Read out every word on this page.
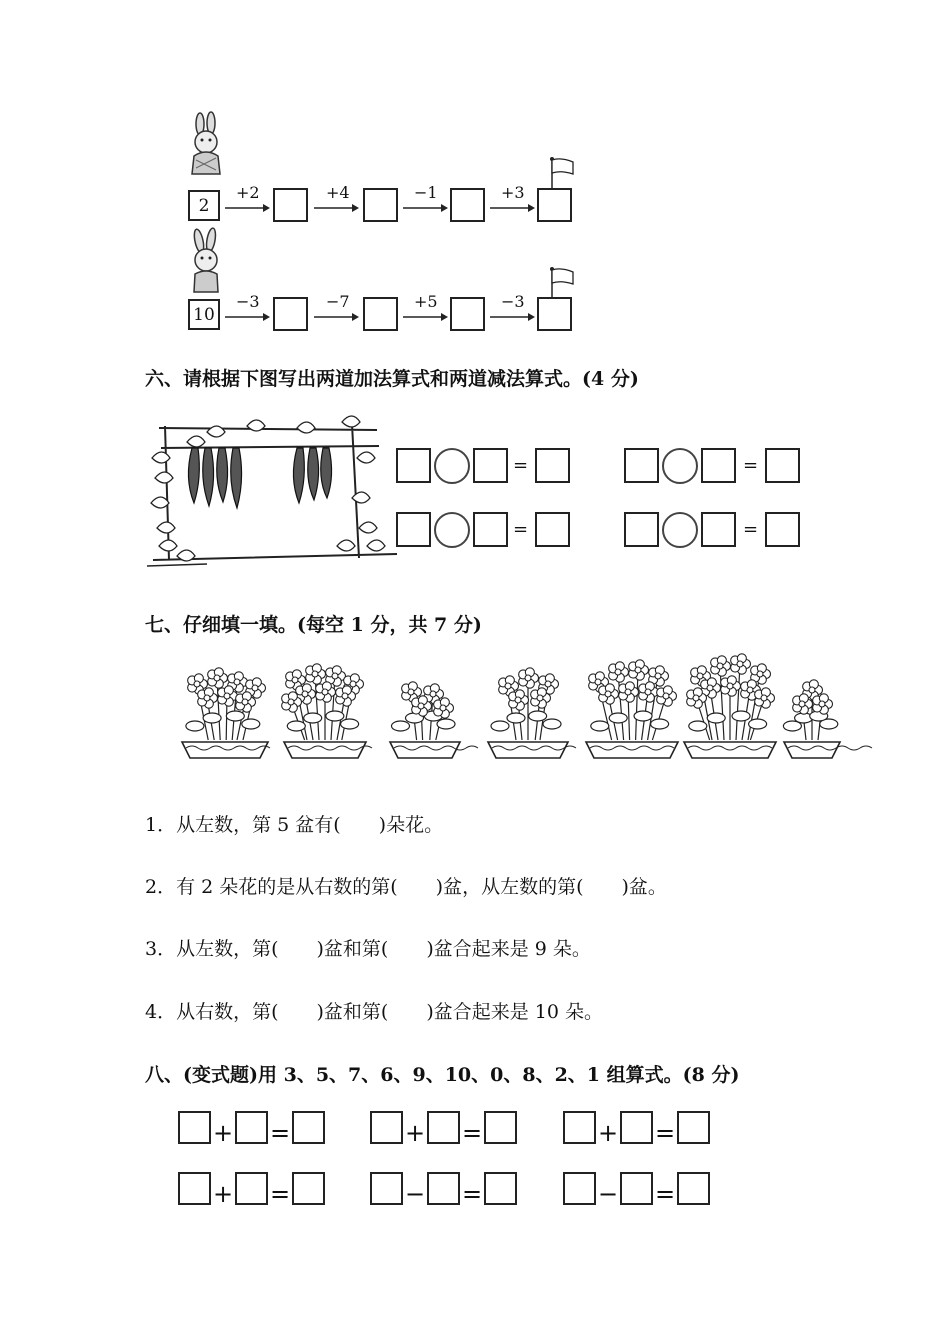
2
+2	+4	−1	+3
10
−3	−7	+5	−3
六、请根据下图写出两道加法算式和两道减法算式。(4 分)
=	=
=	=
七、仔细填一填。(每空 1 分，共 7 分)
1．从左数，第 5 盆有(　　)朵花。
2．有 2 朵花的是从右数的第(　　)盆，从左数的第(　　)盆。
3．从左数，第(　　)盆和第(　　)盆合起来是 9 朵。
4．从右数，第(　　)盆和第(　　)盆合起来是 10 朵。
八、(变式题)用 3、5、7、6、9、10、0、8、2、1 组算式。(8 分)
+ =	+ =	+ =
+ =	− =	− =
